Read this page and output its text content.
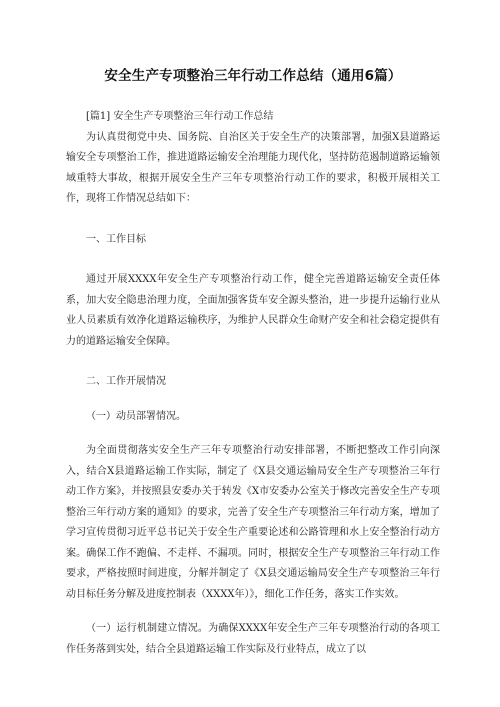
安全生产专项整治三年行动工作总结（通用6篇）

[篇1] 安全生产专项整治三年行动工作总结

为认真贯彻党中央、国务院、自治区关于安全生产的决策部署，加强X县道路运输安全专项整治工作，推进道路运输安全治理能力现代化，坚持防范遏制道路运输领域重特大事故，根据开展安全生产三年专项整治行动工作的要求，积极开展相关工作，现将工作情况总结如下：

一、工作目标

通过开展XXXX年安全生产专项整治行动工作，健全完善道路运输安全责任体系，加大安全隐患治理力度，全面加强客货车安全源头整治，进一步提升运输行业从业人员素质有效净化道路运输秩序，为维护人民群众生命财产安全和社会稳定提供有力的道路运输安全保障。

二、工作开展情况

（一）动员部署情况。

为全面贯彻落实安全生产三年专项整治行动安排部署，不断把整改工作引向深入，结合X县道路运输工作实际，制定了《X县交通运输局安全生产专项整治三年行动工作方案》，并按照县安委办关于转发《X市安委办公室关于修改完善安全生产专项整治三年行动方案的通知》的要求，完善了安全生产专项整治三年行动方案，增加了学习宣传贯彻习近平总书记关于安全生产重要论述和公路管理和水上安全整治行动方案。确保工作不跑偏、不走样、不漏项。同时，根据安全生产专项整治三年行动工作要求，严格按照时间进度，分解并制定了《X县交通运输局安全生产专项整治三年行动目标任务分解及进度控制表（XXXX年）》，细化工作任务，落实工作实效。

（一）运行机制建立情况。为确保XXXX年安全生产三年专项整治行动的各项工作任务落到实处，结合全县道路运输工作实际及行业特点，成立了以
